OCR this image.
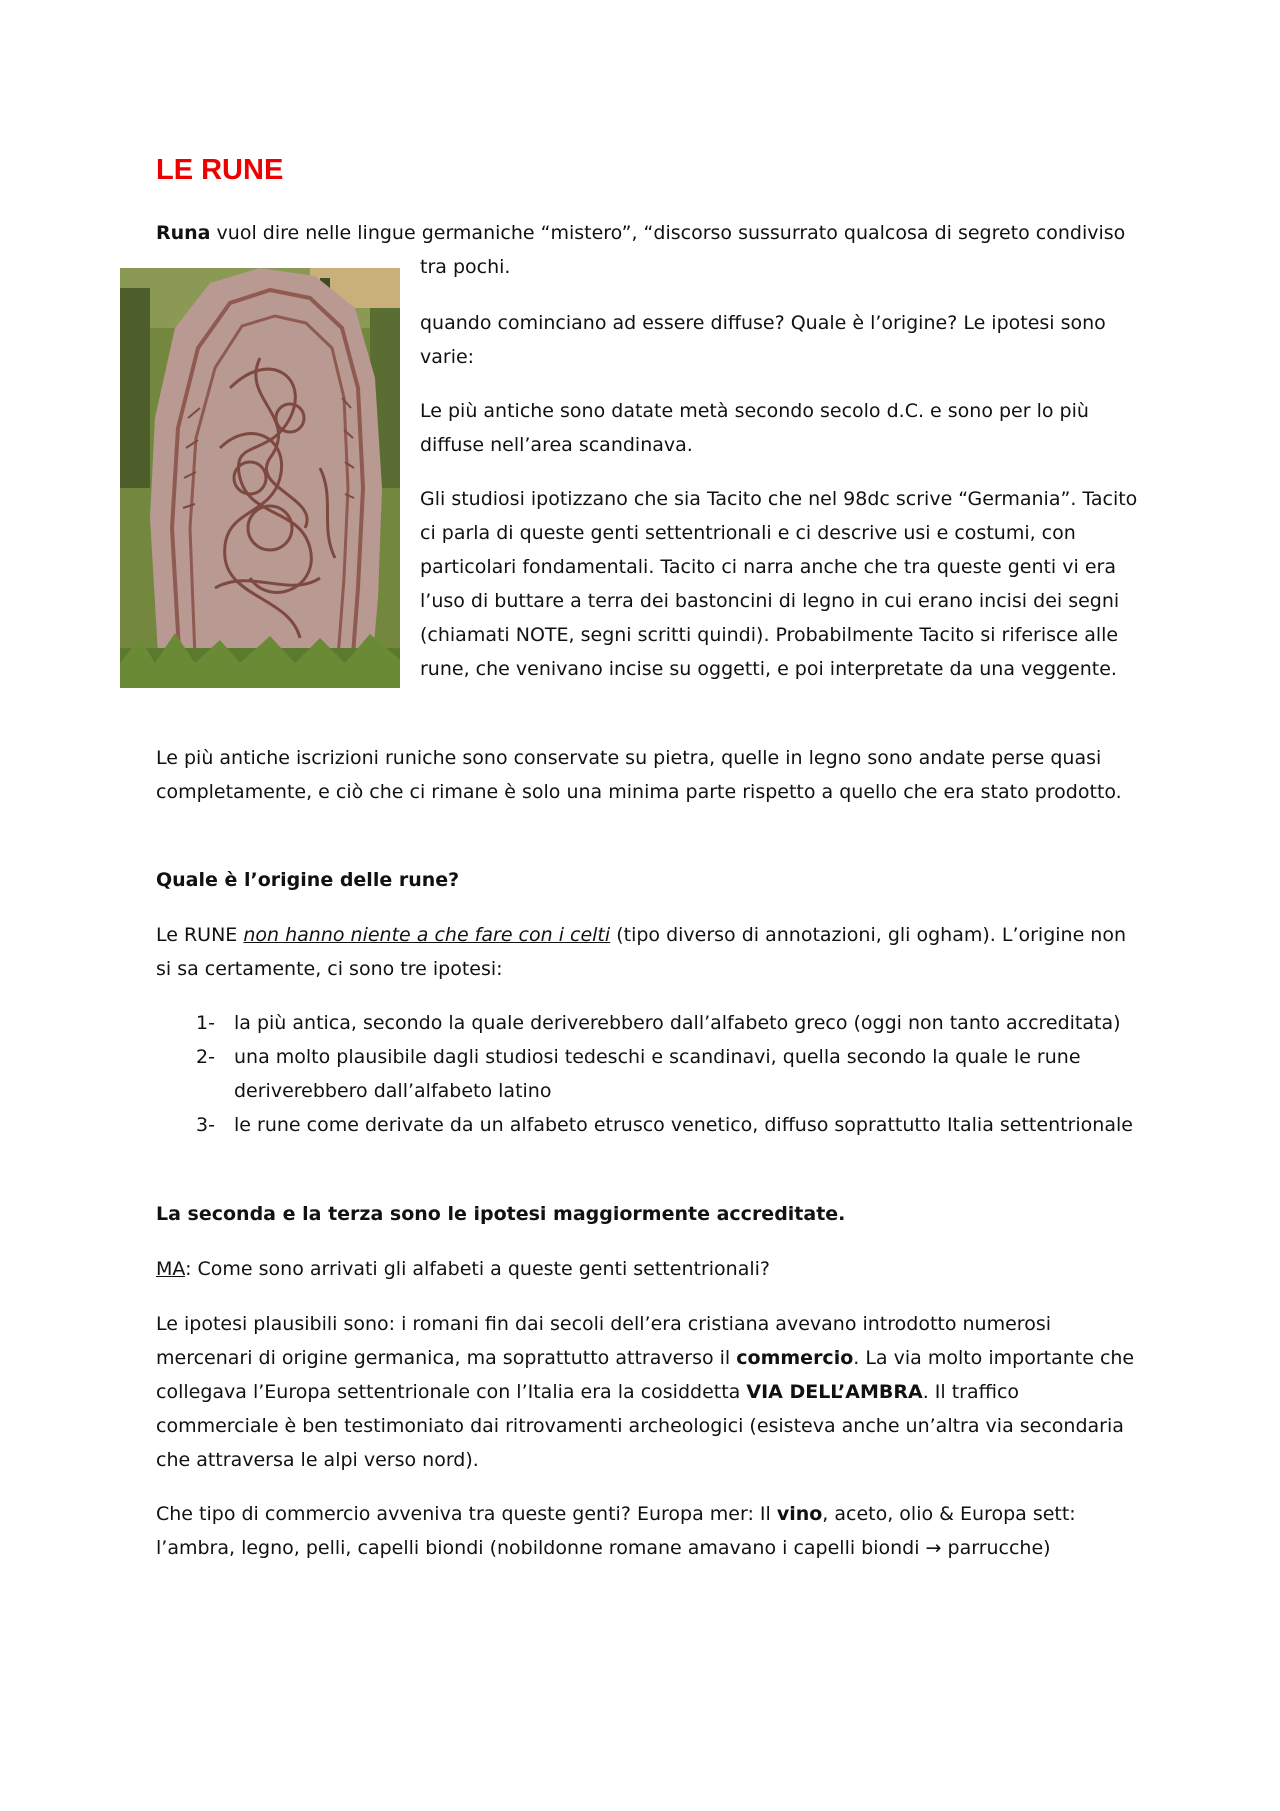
LE RUNE

Runa vuol dire nelle lingue germaniche “mistero”, “discorso sussurrato qualcosa di segreto condiviso

tra pochi.

quando cominciano ad essere diffuse? Quale è l’origine? Le ipotesi sono varie:

Le più antiche sono datate metà secondo secolo d.C. e sono per lo più diffuse nell’area scandinava.

Gli studiosi ipotizzano che sia Tacito che nel 98dc scrive “Germania”. Tacito ci parla di queste genti settentrionali e ci descrive usi e costumi, con particolari fondamentali. Tacito ci narra anche che tra queste genti vi era l’uso di buttare a terra dei bastoncini di legno in cui erano incisi dei segni (chiamati NOTE, segni scritti quindi). Probabilmente Tacito si riferisce alle rune, che venivano incise su oggetti, e poi interpretate da una veggente.

Le più antiche iscrizioni runiche sono conservate su pietra, quelle in legno sono andate perse quasi completamente, e ciò che ci rimane è solo una minima parte rispetto a quello che era stato prodotto.

Quale è l’origine delle rune?

Le RUNE non hanno niente a che fare con i celti (tipo diverso di annotazioni, gli ogham). L’origine non si sa certamente, ci sono tre ipotesi:

1- la più antica, secondo la quale deriverebbero dall’alfabeto greco (oggi non tanto accreditata)
2- una molto plausibile dagli studiosi tedeschi e scandinavi, quella secondo la quale le rune deriverebbero dall’alfabeto latino
3- le rune come derivate da un alfabeto etrusco venetico, diffuso soprattutto Italia settentrionale

La seconda e la terza sono le ipotesi maggiormente accreditate.

MA: Come sono arrivati gli alfabeti a queste genti settentrionali?

Le ipotesi plausibili sono: i romani fin dai secoli dell’era cristiana avevano introdotto numerosi mercenari di origine germanica, ma soprattutto attraverso il commercio. La via molto importante che collegava l’Europa settentrionale con l’Italia era la cosiddetta VIA DELL’AMBRA. Il traffico commerciale è ben testimoniato dai ritrovamenti archeologici (esisteva anche un’altra via secondaria che attraversa le alpi verso nord).

Che tipo di commercio avveniva tra queste genti? Europa mer: Il vino, aceto, olio & Europa sett: l’ambra, legno, pelli, capelli biondi (nobildonne romane amavano i capelli biondi → parrucche)
